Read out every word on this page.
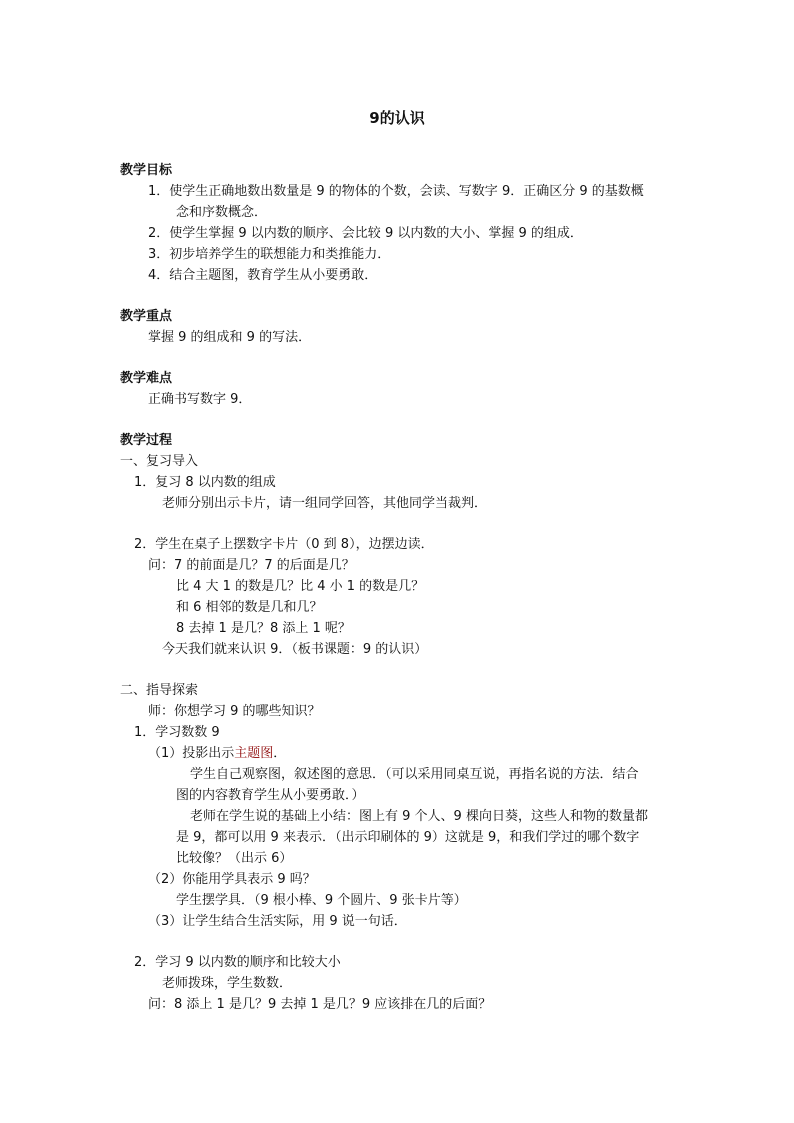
9的认识
教学目标
1．使学生正确地数出数量是 9 的物体的个数，会读、写数字 9．正确区分 9 的基数概
念和序数概念．
2．使学生掌握 9 以内数的顺序、会比较 9 以内数的大小、掌握 9 的组成．
3．初步培养学生的联想能力和类推能力．
4．结合主题图，教育学生从小要勇敢．
教学重点
掌握 9 的组成和 9 的写法．
教学难点
正确书写数字 9．
教学过程
一、复习导入
1．复习 8 以内数的组成
老师分别出示卡片，请一组同学回答，其他同学当裁判．
2．学生在桌子上摆数字卡片（0 到 8），边摆边读．
问：7 的前面是几？7 的后面是几？
比 4 大 1 的数是几？比 4 小 1 的数是几？
和 6 相邻的数是几和几？
8 去掉 1 是几？8 添上 1 呢？
今天我们就来认识 9．（板书课题：9 的认识）
二、指导探索
师：你想学习 9 的哪些知识？
1．学习数数 9
（1）投影出示主题图．
学生自己观察图，叙述图的意思．（可以采用同桌互说，再指名说的方法．结合
图的内容教育学生从小要勇敢．）
老师在学生说的基础上小结：图上有 9 个人、9 棵向日葵，这些人和物的数量都
是 9，都可以用 9 来表示．（出示印刷体的 9）这就是 9，和我们学过的哪个数字
比较像？（出示 6）
（2）你能用学具表示 9 吗？
学生摆学具．（9 根小棒、9 个圆片、9 张卡片等）
（3）让学生结合生活实际，用 9 说一句话．
2．学习 9 以内数的顺序和比较大小
老师拨珠，学生数数．
问：8 添上 1 是几？9 去掉 1 是几？9 应该排在几的后面？
